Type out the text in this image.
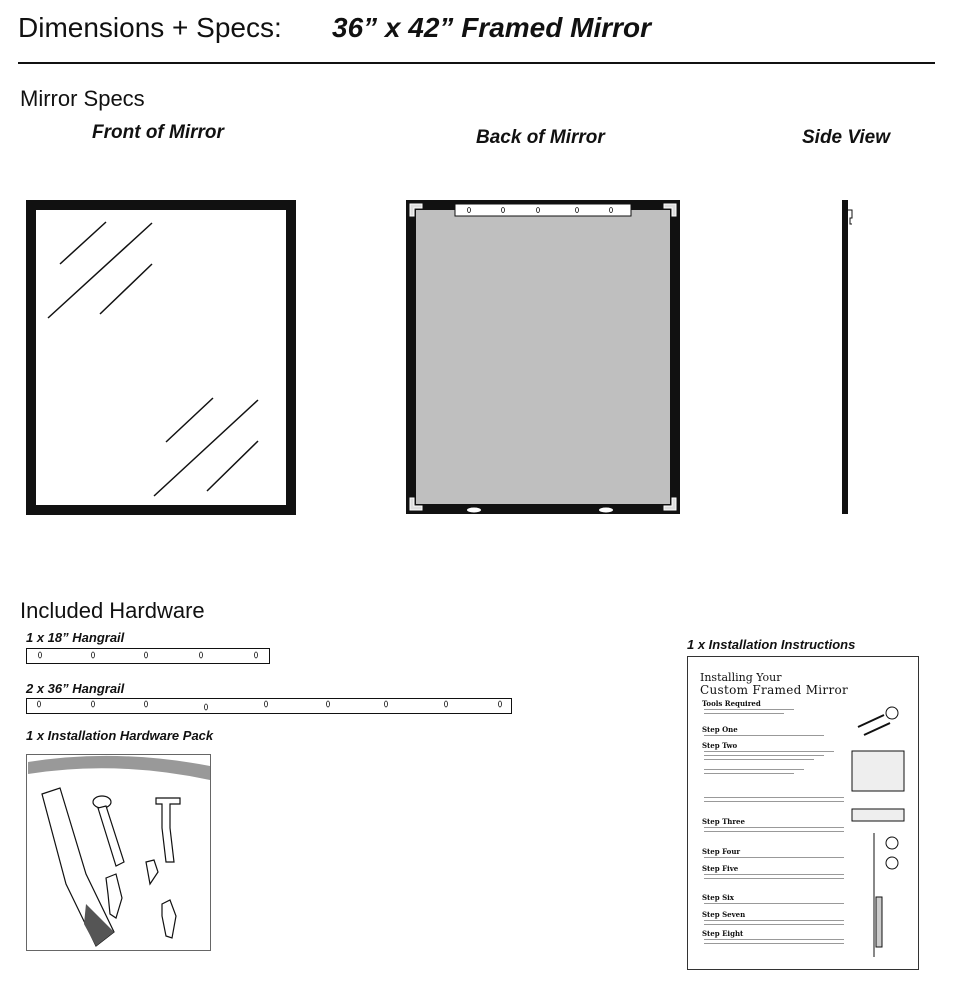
Dimensions + Specs: 36” x 42” Framed Mirror
Mirror Specs
Front of Mirror	Back of Mirror	Side View
Included Hardware
1 x 18” Hangrail
2 x 36” Hangrail
1 x Installation Hardware Pack
1 x Installation Instructions
Installing Your
Custom Framed Mirror
Tools Required
Step One
Step Two
Step Three
Step Four
Step Five
Step Six
Step Seven
Step Eight
